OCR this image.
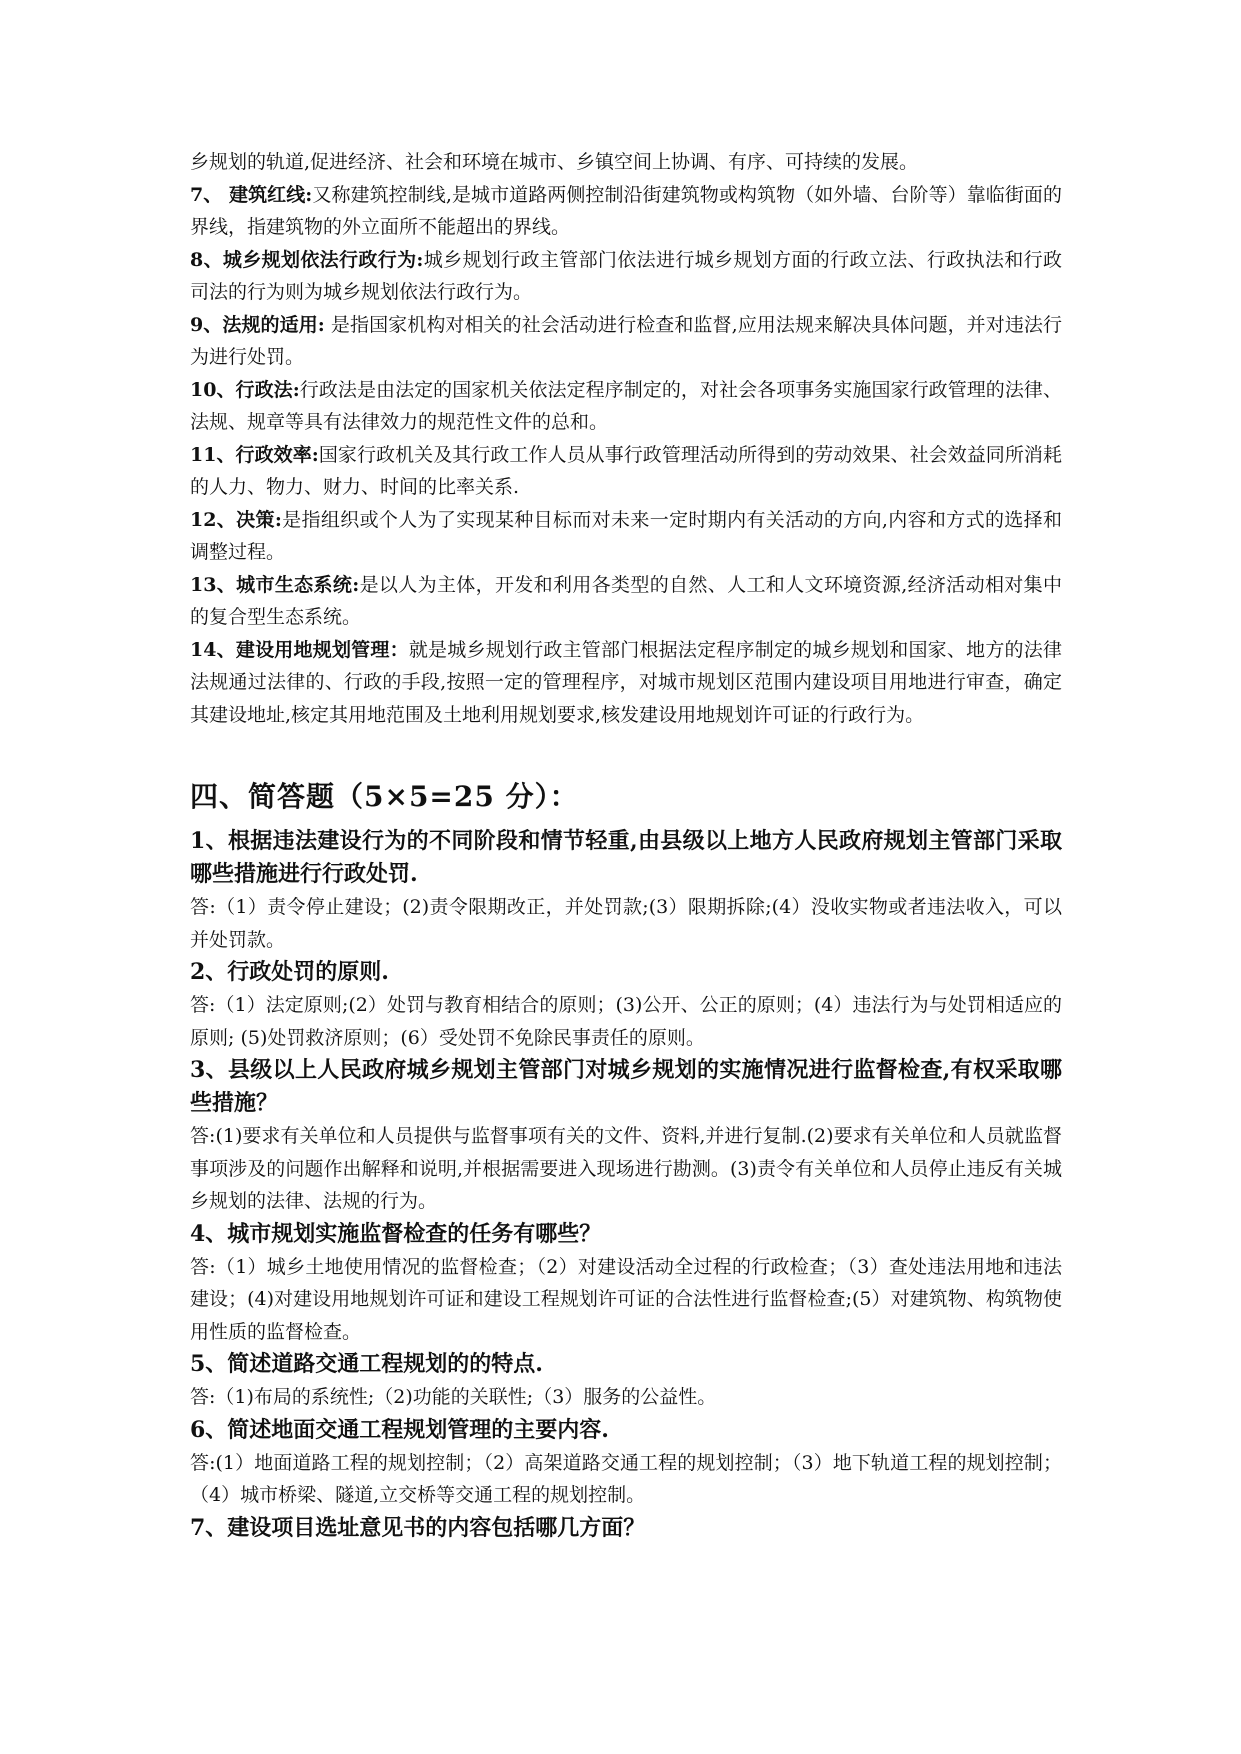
乡规划的轨道,促进经济、社会和环境在城市、乡镇空间上协调、有序、可持续的发展。

7、 建筑红线:又称建筑控制线,是城市道路两侧控制沿街建筑物或构筑物（如外墙、台阶等）靠临街面的界线，指建筑物的外立面所不能超出的界线。

8、城乡规划依法行政行为:城乡规划行政主管部门依法进行城乡规划方面的行政立法、行政执法和行政司法的行为则为城乡规划依法行政行为。

9、法规的适用: 是指国家机构对相关的社会活动进行检查和监督,应用法规来解决具体问题，并对违法行为进行处罚。

10、行政法:行政法是由法定的国家机关依法定程序制定的，对社会各项事务实施国家行政管理的法律、法规、规章等具有法律效力的规范性文件的总和。

11、行政效率:国家行政机关及其行政工作人员从事行政管理活动所得到的劳动效果、社会效益同所消耗的人力、物力、财力、时间的比率关系.

12、决策:是指组织或个人为了实现某种目标而对未来一定时期内有关活动的方向,内容和方式的选择和调整过程。

13、城市生态系统:是以人为主体，开发和利用各类型的自然、人工和人文环境资源,经济活动相对集中的复合型生态系统。

14、建设用地规划管理：就是城乡规划行政主管部门根据法定程序制定的城乡规划和国家、地方的法律法规通过法律的、行政的手段,按照一定的管理程序，对城市规划区范围内建设项目用地进行审查，确定其建设地址,核定其用地范围及土地利用规划要求,核发建设用地规划许可证的行政行为。

四、简答题（5×5=25 分）：

1、根据违法建设行为的不同阶段和情节轻重,由县级以上地方人民政府规划主管部门采取哪些措施进行行政处罚.

答:（1）责令停止建设；(2)责令限期改正，并处罚款;(3）限期拆除;(4）没收实物或者违法收入，可以并处罚款。

2、行政处罚的原则.

答:（1）法定原则;(2）处罚与教育相结合的原则；(3)公开、公正的原则；(4）违法行为与处罚相适应的原则; (5)处罚救济原则；(6）受处罚不免除民事责任的原则。

3、县级以上人民政府城乡规划主管部门对城乡规划的实施情况进行监督检查,有权采取哪些措施？

答:(1)要求有关单位和人员提供与监督事项有关的文件、资料,并进行复制.(2)要求有关单位和人员就监督事项涉及的问题作出解释和说明,并根据需要进入现场进行勘测。(3)责令有关单位和人员停止违反有关城乡规划的法律、法规的行为。

4、城市规划实施监督检查的任务有哪些？

答:（1）城乡土地使用情况的监督检查；（2）对建设活动全过程的行政检查；（3）查处违法用地和违法建设；(4)对建设用地规划许可证和建设工程规划许可证的合法性进行监督检查;(5）对建筑物、构筑物使用性质的监督检查。

5、简述道路交通工程规划的的特点.

答:（1)布局的系统性;（2)功能的关联性;（3）服务的公益性。

6、简述地面交通工程规划管理的主要内容.

答:(1）地面道路工程的规划控制；（2）高架道路交通工程的规划控制；（3）地下轨道工程的规划控制；（4）城市桥梁、隧道,立交桥等交通工程的规划控制。

7、建设项目选址意见书的内容包括哪几方面？
